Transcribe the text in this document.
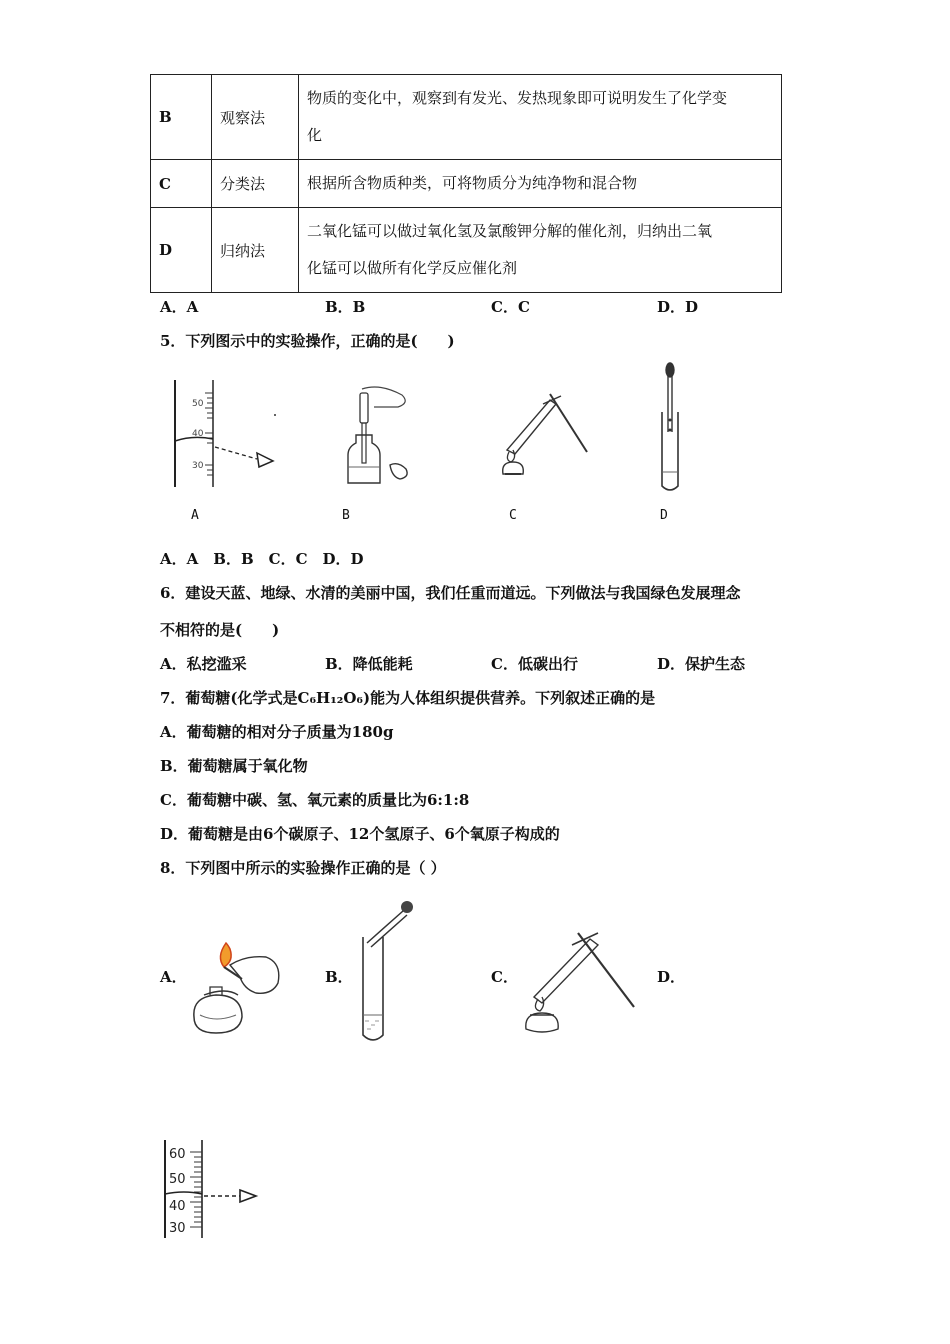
B	观察法	物质的变化中，观察到有发光、发热现象即可说明发生了化学变
化

C	分类法	根据所含物质种类，可将物质分为纯净物和混合物
D	归纳法	二氧化锰可以做过氧化氢及氯酸钾分解的催化剂，归纳出二氧
化锰可以做所有化学反应催化剂
A．A	B．B	C．C	D．D
5．下列图示中的实验操作，正确的是(　　)
50
40
30
A	B	C	D
A．A　B．B　C．C　D．D
6．建设天蓝、地绿、水清的美丽中国，我们任重而道远。下列做法与我国绿色发展理念
不相符的是(　　)
A．私挖滥采	B．降低能耗	C．低碳出行	D．保护生态
7．葡萄糖(化学式是C₆H₁₂O₆)能为人体组织提供营养。下列叙述正确的是
A．葡萄糖的相对分子质量为180g
B．葡萄糖属于氧化物
C．葡萄糖中碳、氢、氧元素的质量比为6:1:8
D．葡萄糖是由6个碳原子、12个氢原子、6个氧原子构成的
8．下列图中所示的实验操作正确的是（ ）
A．	B．	C．	D．
60
50
40
30
